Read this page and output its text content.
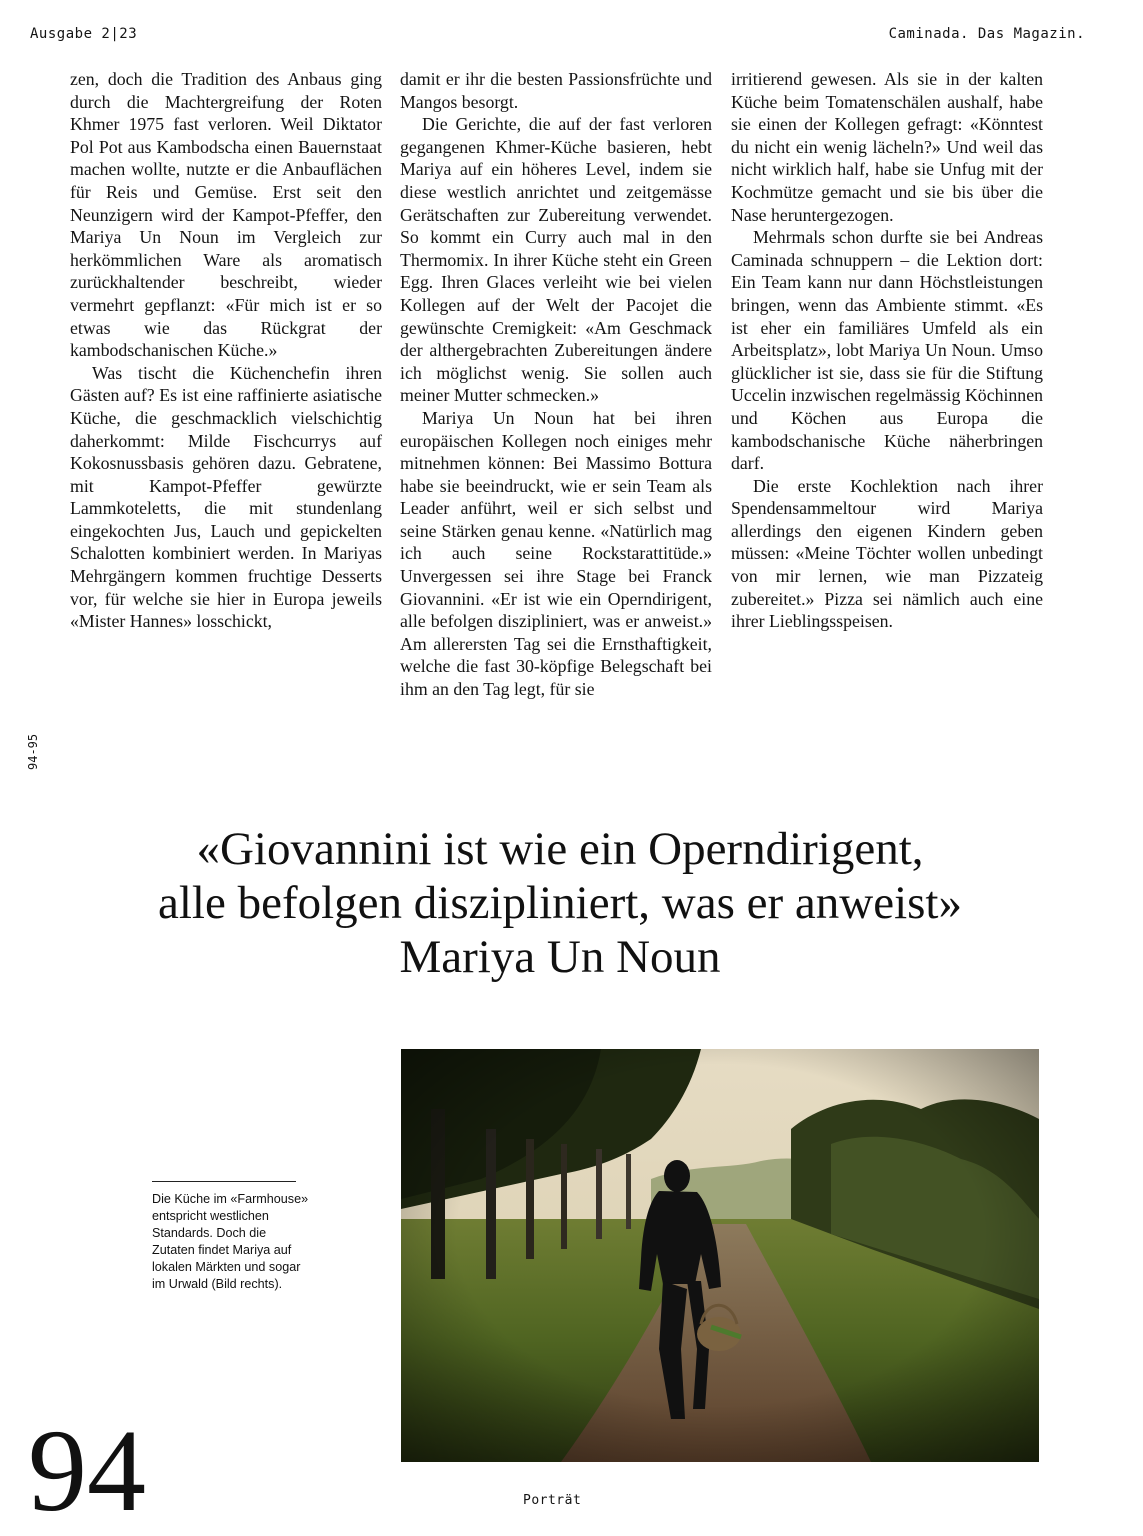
Ausgabe 2|23	Caminada. Das Magazin.
94-95

zen, doch die Tradition des Anbaus ging durch die Machtergreifung der Roten Khmer 1975 fast verloren. Weil Diktator Pol Pot aus Kambodscha einen Bauernstaat machen wollte, nutzte er die Anbauflächen für Reis und Gemüse. Erst seit den Neunzigern wird der Kampot-Pfeffer, den Mariya Un Noun im Vergleich zur herkömmlichen Ware als aromatisch zurückhaltender beschreibt, wieder vermehrt gepflanzt: «Für mich ist er so etwas wie das Rückgrat der kambodschanischen Küche.»

Was tischt die Küchenchefin ihren Gästen auf? Es ist eine raffinierte asiatische Küche, die geschmacklich vielschichtig daherkommt: Milde Fischcurrys auf Kokosnussbasis gehören dazu. Gebratene, mit Kampot-Pfeffer gewürzte Lammkoteletts, die mit stundenlang eingekochten Jus, Lauch und gepickelten Schalotten kombiniert werden. In Mariyas Mehrgängern kommen fruchtige Desserts vor, für welche sie hier in Europa jeweils «Mister Hannes» losschickt,

damit er ihr die besten Passionsfrüchte und Mangos besorgt.

Die Gerichte, die auf der fast verloren gegangenen Khmer-Küche basieren, hebt Mariya auf ein höheres Level, indem sie diese westlich anrichtet und zeitgemässe Gerätschaften zur Zubereitung verwendet. So kommt ein Curry auch mal in den Thermomix. In ihrer Küche steht ein Green Egg. Ihren Glaces verleiht wie bei vielen Kollegen auf der Welt der Pacojet die gewünschte Cremigkeit: «Am Geschmack der althergebrachten Zubereitungen ändere ich möglichst wenig. Sie sollen auch meiner Mutter schmecken.»

Mariya Un Noun hat bei ihren europäischen Kollegen noch einiges mehr mitnehmen können: Bei Massimo Bottura habe sie beeindruckt, wie er sein Team als Leader anführt, weil er sich selbst und seine Stärken genau kenne. «Natürlich mag ich auch seine Rockstarattitüde.» Unvergessen sei ihre Stage bei Franck Giovannini. «Er ist wie ein Operndirigent, alle befolgen diszipliniert, was er anweist.» Am allerersten Tag sei die Ernsthaftigkeit, welche die fast 30-köpfige Belegschaft bei ihm an den Tag legt, für sie

irritierend gewesen. Als sie in der kalten Küche beim Tomatenschälen aushalf, habe sie einen der Kollegen gefragt: «Könntest du nicht ein wenig lächeln?» Und weil das nicht wirklich half, habe sie Unfug mit der Kochmütze gemacht und sie bis über die Nase heruntergezogen.

Mehrmals schon durfte sie bei Andreas Caminada schnuppern – die Lektion dort: Ein Team kann nur dann Höchstleistungen bringen, wenn das Ambiente stimmt. «Es ist eher ein familiäres Umfeld als ein Arbeitsplatz», lobt Mariya Un Noun. Umso glücklicher ist sie, dass sie für die Stiftung Uccelin inzwischen regelmässig Köchinnen und Köchen aus Europa die kambodschanische Küche näherbringen darf.

Die erste Kochlektion nach ihrer Spendensammeltour wird Mariya allerdings den eigenen Kindern geben müssen: «Meine Töchter wollen unbedingt von mir lernen, wie man Pizzateig zubereitet.» Pizza sei nämlich auch eine ihrer Lieblingsspeisen.

«Giovannini ist wie ein Operndirigent,
alle befolgen diszipliniert, was er anweist»
Mariya Un Noun
Die Küche im «Farmhouse» entspricht westlichen Standards. Doch die Zutaten findet Mariya auf lokalen Märkten und sogar im Urwald (Bild rechts).
94	Porträt
